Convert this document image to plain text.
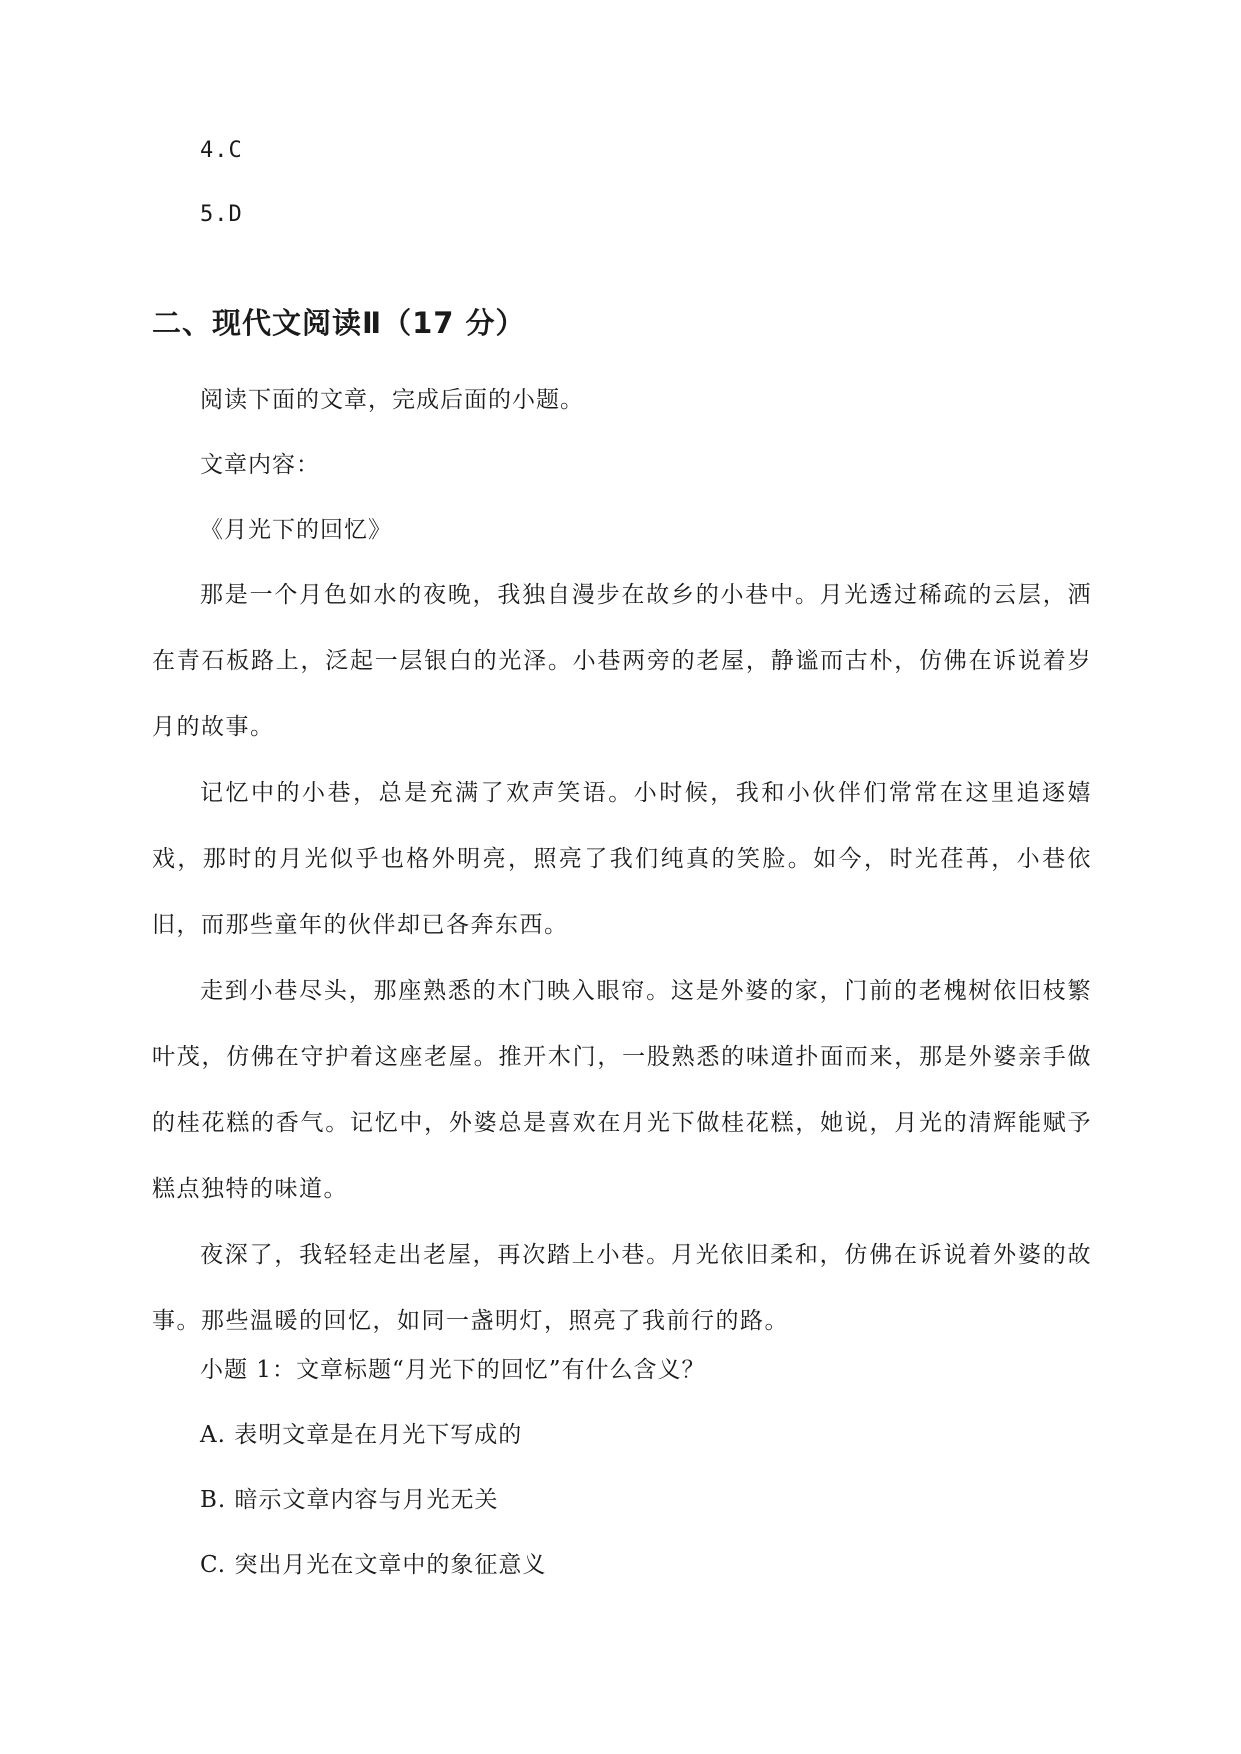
4.C
5.D
二、现代文阅读Ⅱ（17 分）
阅读下面的文章，完成后面的小题。
文章内容：
《月光下的回忆》
那是一个月色如水的夜晚，我独自漫步在故乡的小巷中。月光透过稀疏的云层，洒在青石板路上，泛起一层银白的光泽。小巷两旁的老屋，静谧而古朴，仿佛在诉说着岁月的故事。
记忆中的小巷，总是充满了欢声笑语。小时候，我和小伙伴们常常在这里追逐嬉戏，那时的月光似乎也格外明亮，照亮了我们纯真的笑脸。如今，时光荏苒，小巷依旧，而那些童年的伙伴却已各奔东西。
走到小巷尽头，那座熟悉的木门映入眼帘。这是外婆的家，门前的老槐树依旧枝繁叶茂，仿佛在守护着这座老屋。推开木门，一股熟悉的味道扑面而来，那是外婆亲手做的桂花糕的香气。记忆中，外婆总是喜欢在月光下做桂花糕，她说，月光的清辉能赋予糕点独特的味道。
夜深了，我轻轻走出老屋，再次踏上小巷。月光依旧柔和，仿佛在诉说着外婆的故事。那些温暖的回忆，如同一盏明灯，照亮了我前行的路。
小题 1：文章标题“月光下的回忆”有什么含义？
A. 表明文章是在月光下写成的
B. 暗示文章内容与月光无关
C. 突出月光在文章中的象征意义
